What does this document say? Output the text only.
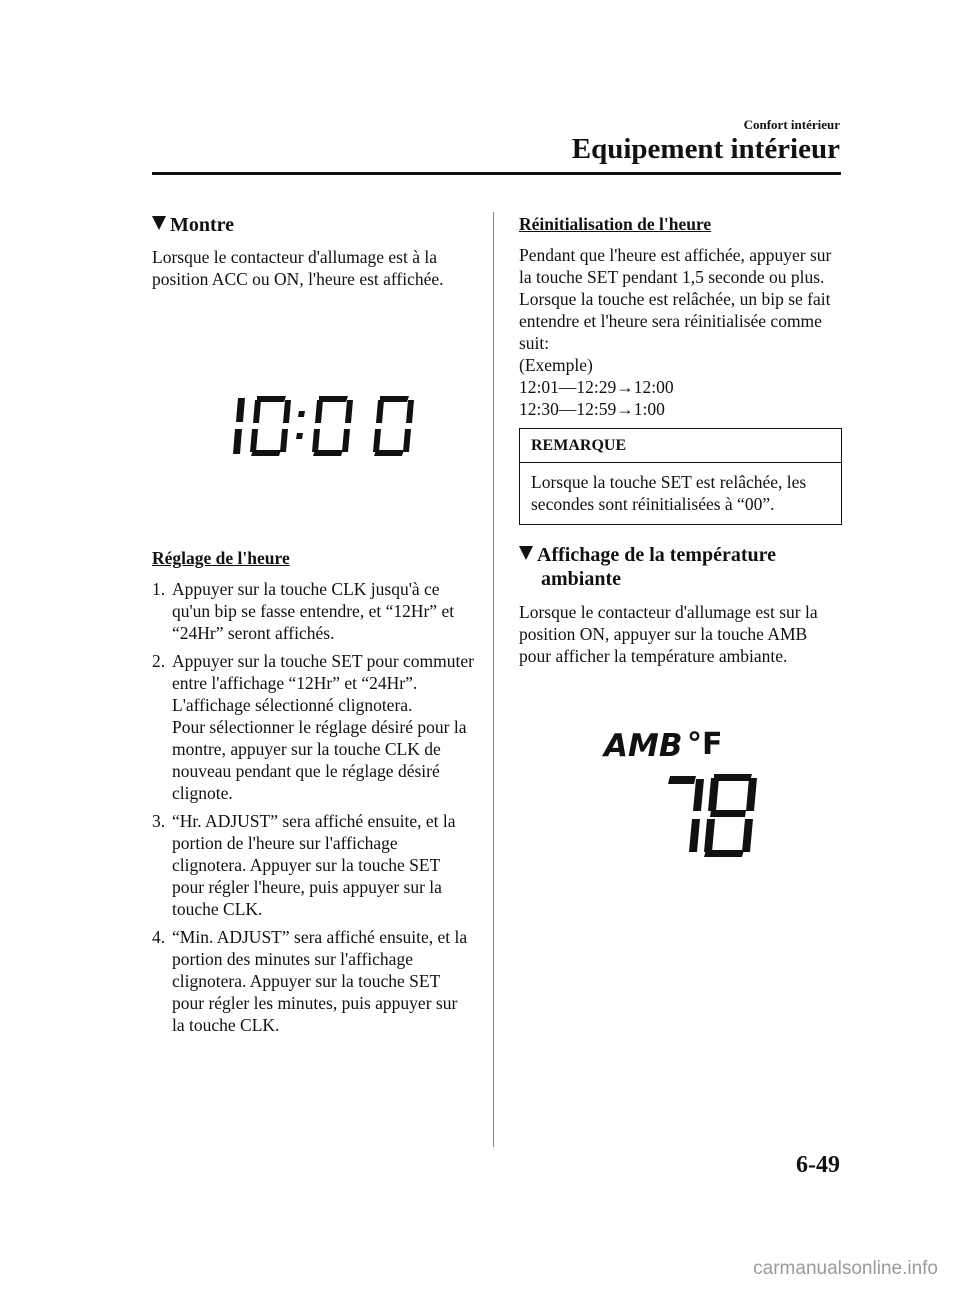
Confort intérieur
Equipement intérieur
Montre

Lorsque le contacteur d'allumage est à la position ACC ou ON, l'heure est affichée.

Réglage de l'heure
1. Appuyer sur la touche CLK jusqu'à ce qu'un bip se fasse entendre, et “12Hr” et “24Hr” seront affichés.
2. Appuyer sur la touche SET pour commuter entre l'affichage “12Hr” et “24Hr”. L'affichage sélectionné clignotera.
Pour sélectionner le réglage désiré pour la montre, appuyer sur la touche CLK de nouveau pendant que le réglage désiré clignote.
3. “Hr. ADJUST” sera affiché ensuite, et la portion de l'heure sur l'affichage clignotera. Appuyer sur la touche SET pour régler l'heure, puis appuyer sur la touche CLK.
4. “Min. ADJUST” sera affiché ensuite, et la portion des minutes sur l'affichage clignotera. Appuyer sur la touche SET pour régler les minutes, puis appuyer sur la touche CLK.
Réinitialisation de l'heure

Pendant que l'heure est affichée, appuyer sur la touche SET pendant 1,5 seconde ou plus. Lorsque la touche est relâchée, un bip se fait entendre et l'heure sera réinitialisée comme suit:

(Exemple)

12:01―12:29→12:00

12:30―12:59→1:00

REMARQUE
Lorsque la touche SET est relâchée, les secondes sont réinitialisées à “00”.
Affichage de la température
ambiante

Lorsque le contacteur d'allumage est sur la position ON, appuyer sur la touche AMB pour afficher la température ambiante.

AMB °F
6-49
carmanualsonline.info
